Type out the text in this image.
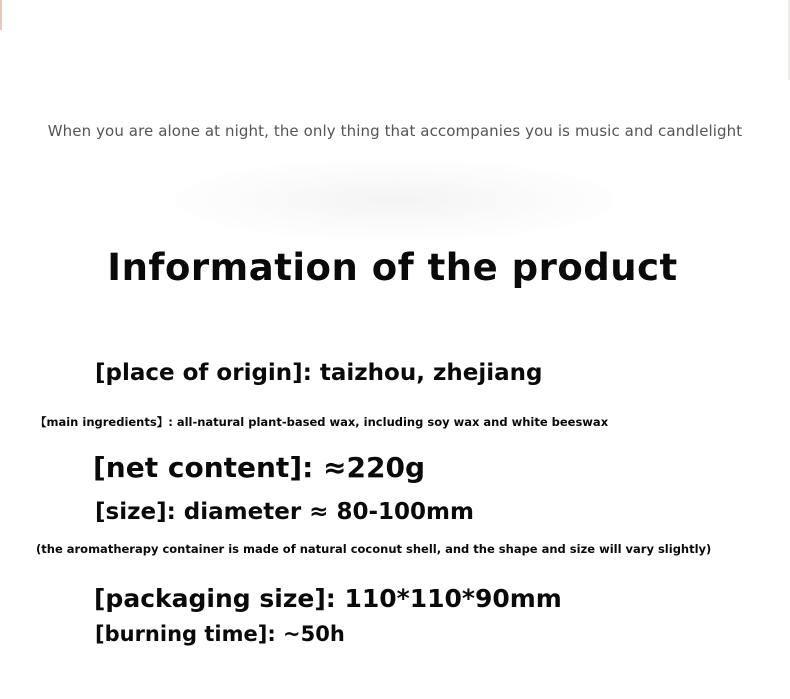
When you are alone at night, the only thing that accompanies you is music and candlelight
Information of the product
[place of origin]: taizhou, zhejiang
【main ingredients】: all-natural plant-based wax, including soy wax and white beeswax
[net content]: ≈220g
[size]: diameter ≈ 80-100mm
(the aromatherapy container is made of natural coconut shell, and the shape and size will vary slightly)
[packaging size]: 110*110*90mm
[burning time]: ~50h
